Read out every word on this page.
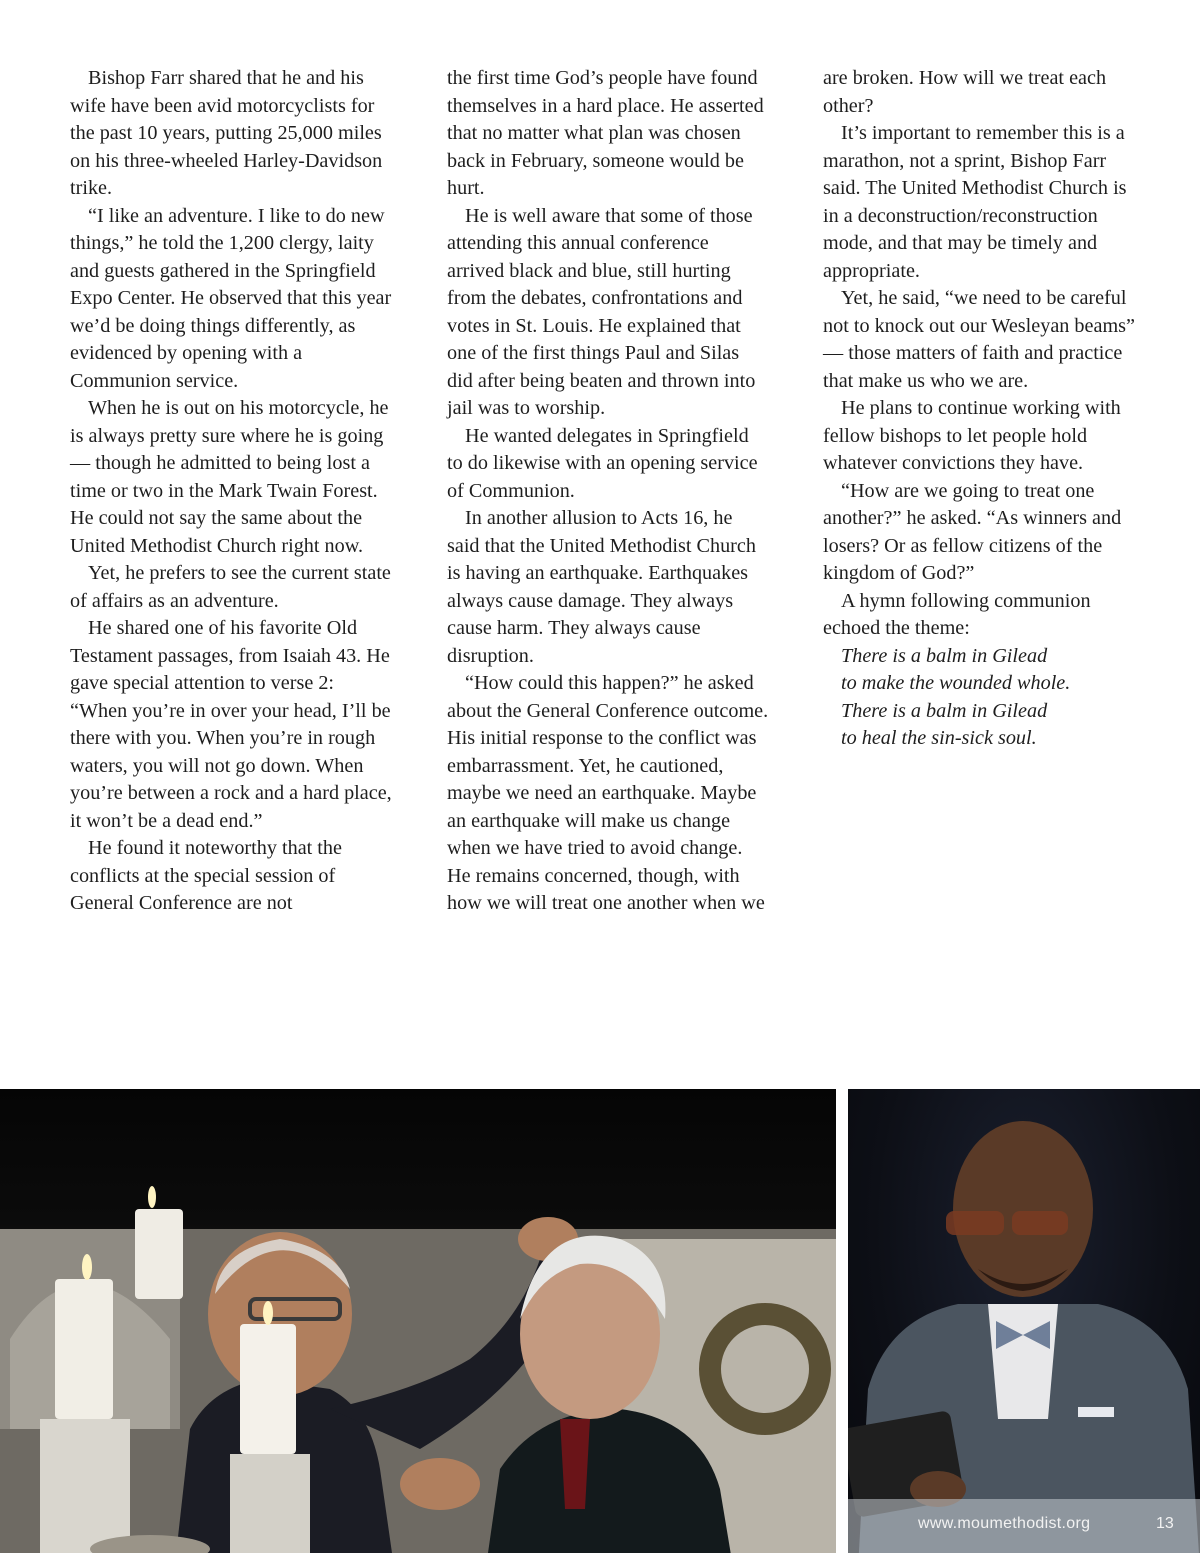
Bishop Farr shared that he and his wife have been avid motorcyclists for the past 10 years, putting 25,000 miles on his three-wheeled Harley-Davidson trike.

“I like an adventure. I like to do new things,” he told the 1,200 clergy, laity and guests gathered in the Springfield Expo Center. He observed that this year we’d be doing things differently, as evidenced by opening with a Communion service.

When he is out on his motorcycle, he is always pretty sure where he is going — though he admitted to being lost a time or two in the Mark Twain Forest. He could not say the same about the United Methodist Church right now.

Yet, he prefers to see the current state of affairs as an adventure.

He shared one of his favorite Old Testament passages, from Isaiah 43. He gave special attention to verse 2: “When you’re in over your head, I’ll be there with you. When you’re in rough waters, you will not go down. When you’re between a rock and a hard place, it won’t be a dead end.”

He found it noteworthy that the conflicts at the special session of General Conference are not

the first time God’s people have found themselves in a hard place. He asserted that no matter what plan was chosen back in February, someone would be hurt.

He is well aware that some of those attending this annual conference arrived black and blue, still hurting from the debates, confrontations and votes in St. Louis. He explained that one of the first things Paul and Silas did after being beaten and thrown into jail was to worship.

He wanted delegates in Springfield to do likewise with an opening service of Communion.

In another allusion to Acts 16, he said that the United Methodist Church is having an earthquake. Earthquakes always cause damage. They always cause harm. They always cause disruption.

“How could this happen?” he asked about the General Conference outcome. His initial response to the conflict was embarrassment. Yet, he cautioned, maybe we need an earthquake. Maybe an earthquake will make us change when we have tried to avoid change. He remains concerned, though, with how we will treat one another when we

are broken. How will we treat each other?

It’s important to remember this is a marathon, not a sprint, Bishop Farr said. The United Methodist Church is in a deconstruction/reconstruction mode, and that may be timely and appropriate.

Yet, he said, “we need to be careful not to knock out our Wesleyan beams” — those matters of faith and practice that make us who we are.

He plans to continue working with fellow bishops to let people hold whatever convictions they have.

“How are we going to treat one another?” he asked. “As winners and losers? Or as fellow citizens of the kingdom of God?”

A hymn following communion echoed the theme:

There is a balm in Gilead
to make the wounded whole.
There is a balm in Gilead
to heal the sin-sick soul.
www.moumethodist.org	13
